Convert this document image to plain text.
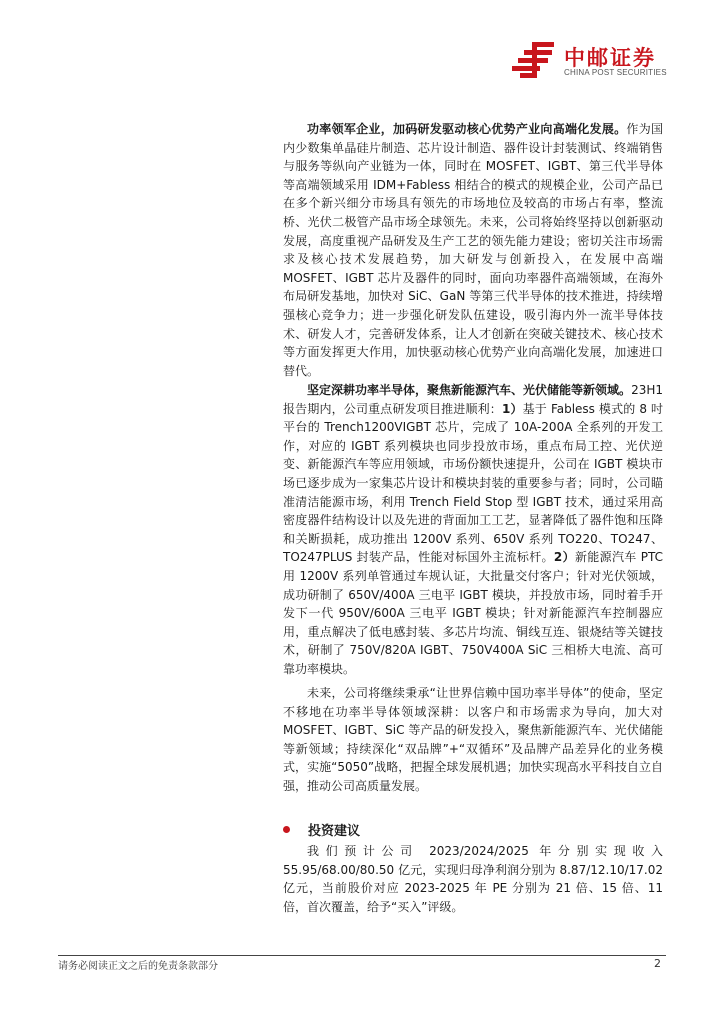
中邮证券
CHINA POST SECURITIES
功率领军企业，加码研发驱动核心优势产业向高端化发展。作为国内少数集单晶硅片制造、芯片设计制造、器件设计封装测试、终端销售与服务等纵向产业链为一体，同时在 MOSFET、IGBT、第三代半导体等高端领域采用 IDM+Fabless 相结合的模式的规模企业，公司产品已在多个新兴细分市场具有领先的市场地位及较高的市场占有率，整流桥、光伏二极管产品市场全球领先。未来，公司将始终坚持以创新驱动发展，高度重视产品研发及生产工艺的领先能力建设；密切关注市场需求及核心技术发展趋势，加大研发与创新投入，在发展中高端 MOSFET、IGBT 芯片及器件的同时，面向功率器件高端领域，在海外布局研发基地，加快对 SiC、GaN 等第三代半导体的技术推进，持续增强核心竞争力；进一步强化研发队伍建设，吸引海内外一流半导体技术、研发人才，完善研发体系，让人才创新在突破关键技术、核心技术等方面发挥更大作用，加快驱动核心优势产业向高端化发展，加速进口替代。
坚定深耕功率半导体，聚焦新能源汽车、光伏储能等新领域。23H1 报告期内，公司重点研发项目推进顺利：1）基于 Fabless 模式的 8 吋平台的 Trench1200VIGBT 芯片，完成了 10A-200A 全系列的开发工作，对应的 IGBT 系列模块也同步投放市场，重点布局工控、光伏逆变、新能源汽车等应用领域，市场份额快速提升，公司在 IGBT 模块市场已逐步成为一家集芯片设计和模块封装的重要参与者；同时，公司瞄准清洁能源市场，利用 Trench Field Stop 型 IGBT 技术，通过采用高密度器件结构设计以及先进的背面加工工艺，显著降低了器件饱和压降和关断损耗，成功推出 1200V 系列、650V 系列 TO220、TO247、TO247PLUS 封装产品，性能对标国外主流标杆。2）新能源汽车 PTC 用 1200V 系列单管通过车规认证，大批量交付客户；针对光伏领域，成功研制了 650V/400A 三电平 IGBT 模块，并投放市场，同时着手开发下一代 950V/600A 三电平 IGBT 模块；针对新能源汽车控制器应用，重点解决了低电感封装、多芯片均流、铜线互连、银烧结等关键技术，研制了 750V/820A IGBT、750V400A SiC 三相桥大电流、高可靠功率模块。
未来，公司将继续秉承“让世界信赖中国功率半导体”的使命，坚定不移地在功率半导体领域深耕：以客户和市场需求为导向，加大对 MOSFET、IGBT、SiC 等产品的研发投入，聚焦新能源汽车、光伏储能等新领域；持续深化“双品牌”+“双循环”及品牌产品差异化的业务模式，实施“5050”战略，把握全球发展机遇；加快实现高水平科技自立自强，推动公司高质量发展。
投资建议
我们预计公司 2023/2024/2025 年分别实现收入 55.95/68.00/80.50 亿元，实现归母净利润分别为 8.87/12.10/17.02 亿元，当前股价对应 2023-2025 年 PE 分别为 21 倍、15 倍、11 倍，首次覆盖，给予“买入”评级。
请务必阅读正文之后的免责条款部分	2
